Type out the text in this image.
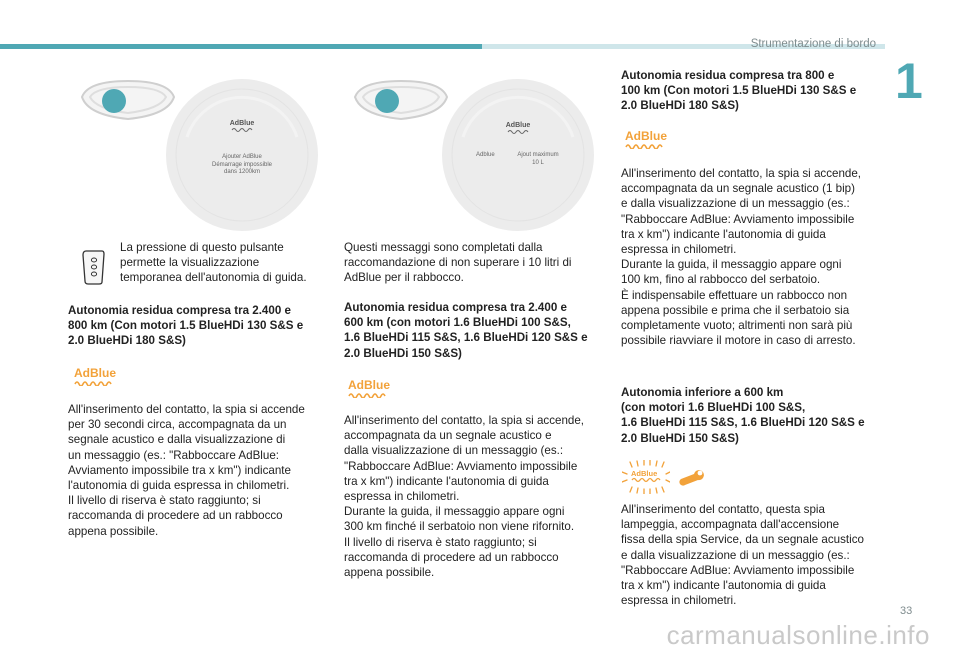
Strumentazione di bordo
1
AdBlue
Ajouter AdBlue
Démarrage impossible
dans 1200km
AdBlue
Adblue	Ajout maximum
10 L

La pressione di questo pulsante
permette la visualizzazione
temporanea dell'autonomia di guida.

Autonomia residua compresa tra 2.400 e
800 km (Con motori 1.5 BlueHDi 130 S&S e
2.0 BlueHDi 180 S&S)

AdBlue

All'inserimento del contatto, la spia si accende
per 30 secondi circa, accompagnata da un
segnale acustico e dalla visualizzazione di
un messaggio (es.: "Rabboccare AdBlue:
Avviamento impossibile tra x km") indicante
l'autonomia di guida espressa in chilometri.
Il livello di riserva è stato raggiunto; si
raccomanda di procedere ad un rabbocco
appena possibile.

Questi messaggi sono completati dalla
raccomandazione di non superare i 10 litri di
AdBlue per il rabbocco.

Autonomia residua compresa tra 2.400 e
600 km (con motori 1.6 BlueHDi 100 S&S,
1.6 BlueHDi 115 S&S, 1.6 BlueHDi 120 S&S e
2.0 BlueHDi 150 S&S)

AdBlue

All'inserimento del contatto, la spia si accende,
accompagnata da un segnale acustico e
dalla visualizzazione di un messaggio (es.:
"Rabboccare AdBlue: Avviamento impossibile
tra x km") indicante l'autonomia di guida
espressa in chilometri.
Durante la guida, il messaggio appare ogni
300 km finché il serbatoio non viene rifornito.
Il livello di riserva è stato raggiunto; si
raccomanda di procedere ad un rabbocco
appena possibile.

Autonomia residua compresa tra 800 e
100 km (Con motori 1.5 BlueHDi 130 S&S e
2.0 BlueHDi 180 S&S)

AdBlue

All'inserimento del contatto, la spia si accende,
accompagnata da un segnale acustico (1 bip)
e dalla visualizzazione di un messaggio (es.:
"Rabboccare AdBlue: Avviamento impossibile
tra x km") indicante l'autonomia di guida
espressa in chilometri.
Durante la guida, il messaggio appare ogni
100 km, fino al rabbocco del serbatoio.
È indispensabile effettuare un rabbocco non
appena possibile e prima che il serbatoio sia
completamente vuoto; altrimenti non sarà più
possibile riavviare il motore in caso di arresto.

Autonomia inferiore a 600 km
(con motori 1.6 BlueHDi 100 S&S,
1.6 BlueHDi 115 S&S, 1.6 BlueHDi 120 S&S e
2.0 BlueHDi 150 S&S)

AdBlue

All'inserimento del contatto, questa spia
lampeggia, accompagnata dall'accensione
fissa della spia Service, da un segnale acustico
e dalla visualizzazione di un messaggio (es.:
"Rabboccare AdBlue: Avviamento impossibile
tra x km") indicante l'autonomia di guida
espressa in chilometri.

33
carmanualsonline.info
